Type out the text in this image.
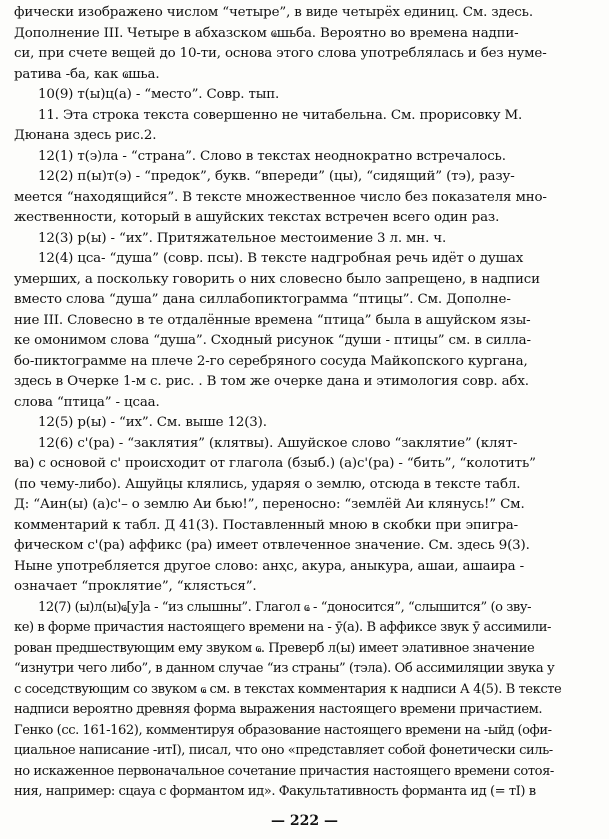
фически изображено числом “четыре”, в виде четырёх единиц. См. здесь.
Дополнение III. Четыре в абхазском ҩшьба. Вероятно во времена надпи-
си, при счете вещей до 10-ти, основа этого слова употреблялась и без нуме-
ратива -ба, как ҩшьа.
10(9) т(ы)ц(а) - “место”. Совр. тып.
11. Эта строка текста совершенно не читабельна. См. прорисовку М.
Дюнана здесь рис.2.
12(1) т(э)ла - “страна”. Слово в текстах неоднократно встречалось.
12(2) п(ы)т(э) - “предок”, букв. “впереди” (цы), “сидящий” (тэ), разу-
меется “находящийся”. В тексте множественное число без показателя мно-
жественности, который в ашуйских текстах встречен всего один раз.
12(3) р(ы) - “их”. Притяжательное местоимение 3 л. мн. ч.
12(4) цса- “душа” (совр. псы). В тексте надгробная речь идёт о душах
умерших, а поскольку говорить о них словесно было запрещено, в надписи
вместо слова “душа” дана силлабопиктограмма “птицы”. См. Дополне-
ние III. Словесно в те отдалённые времена “птица” была в ашуйском язы-
ке омонимом слова “душа”. Сходный рисунок “души - птицы” см. в силла-
бо-пиктограмме на плече 2-го серебряного сосуда Майкопского кургана,
здесь в Очерке 1-м с. рис. . В том же очерке дана и этимология совр. абх.
слова “птица” - цсаа.
12(5) р(ы) - “их”. См. выше 12(3).
12(6) с'(ра) - “заклятия” (клятвы). Ашуйское слово “заклятие” (клят-
ва) с основой с' происходит от глагола (бзыб.) (а)с'(ра) - “бить”, “колотить”
(по чему-либо). Ашуйцы клялись, ударяя о землю, отсюда в тексте табл.
Д: “Аин(ы) (а)с'– о землю Аи бью!”, переносно: “землёй Аи клянусь!” См.
комментарий к табл. Д 41(3). Поставленный мною в скобки при эпигра-
фическом с'(ра) аффикс (ра) имеет отвлеченное значение. См. здесь 9(3).
Ныне употребляется другое слово: анҳс, акура, аныкура, ашаи, ашаира -
означает “проклятие”, “клясться”.
12(7) (ы)л(ы)ҩ[у]а - “из слышны”. Глагол ҩ - “доносится”, “слышится” (о зву-
ке) в форме причастия настоящего времени на - ӯ(а). В аффиксе звук ӯ ассимили-
рован предшествующим ему звуком ҩ. Преверб л(ы) имеет элативное значение
“изнутри чего либо”, в данном случае “из страны” (тэла). Об ассимиляции звука у
с соседствующим со звуком ҩ см. в текстах комментария к надписи А 4(5). В тексте
надписи вероятно древняя форма выражения настоящего времени причастием.
Генко (сс. 161-162), комментируя образование настоящего времени на -ыйд (офи-
циальное написание -итI), писал, что оно «представляет собой фонетически силь-
но искаженное первоначальное сочетание причастия настоящего времени сотоя-
ния, например: сцауа с формантом ид». Факультативность форманта ид (= тI) в
— 222 —
